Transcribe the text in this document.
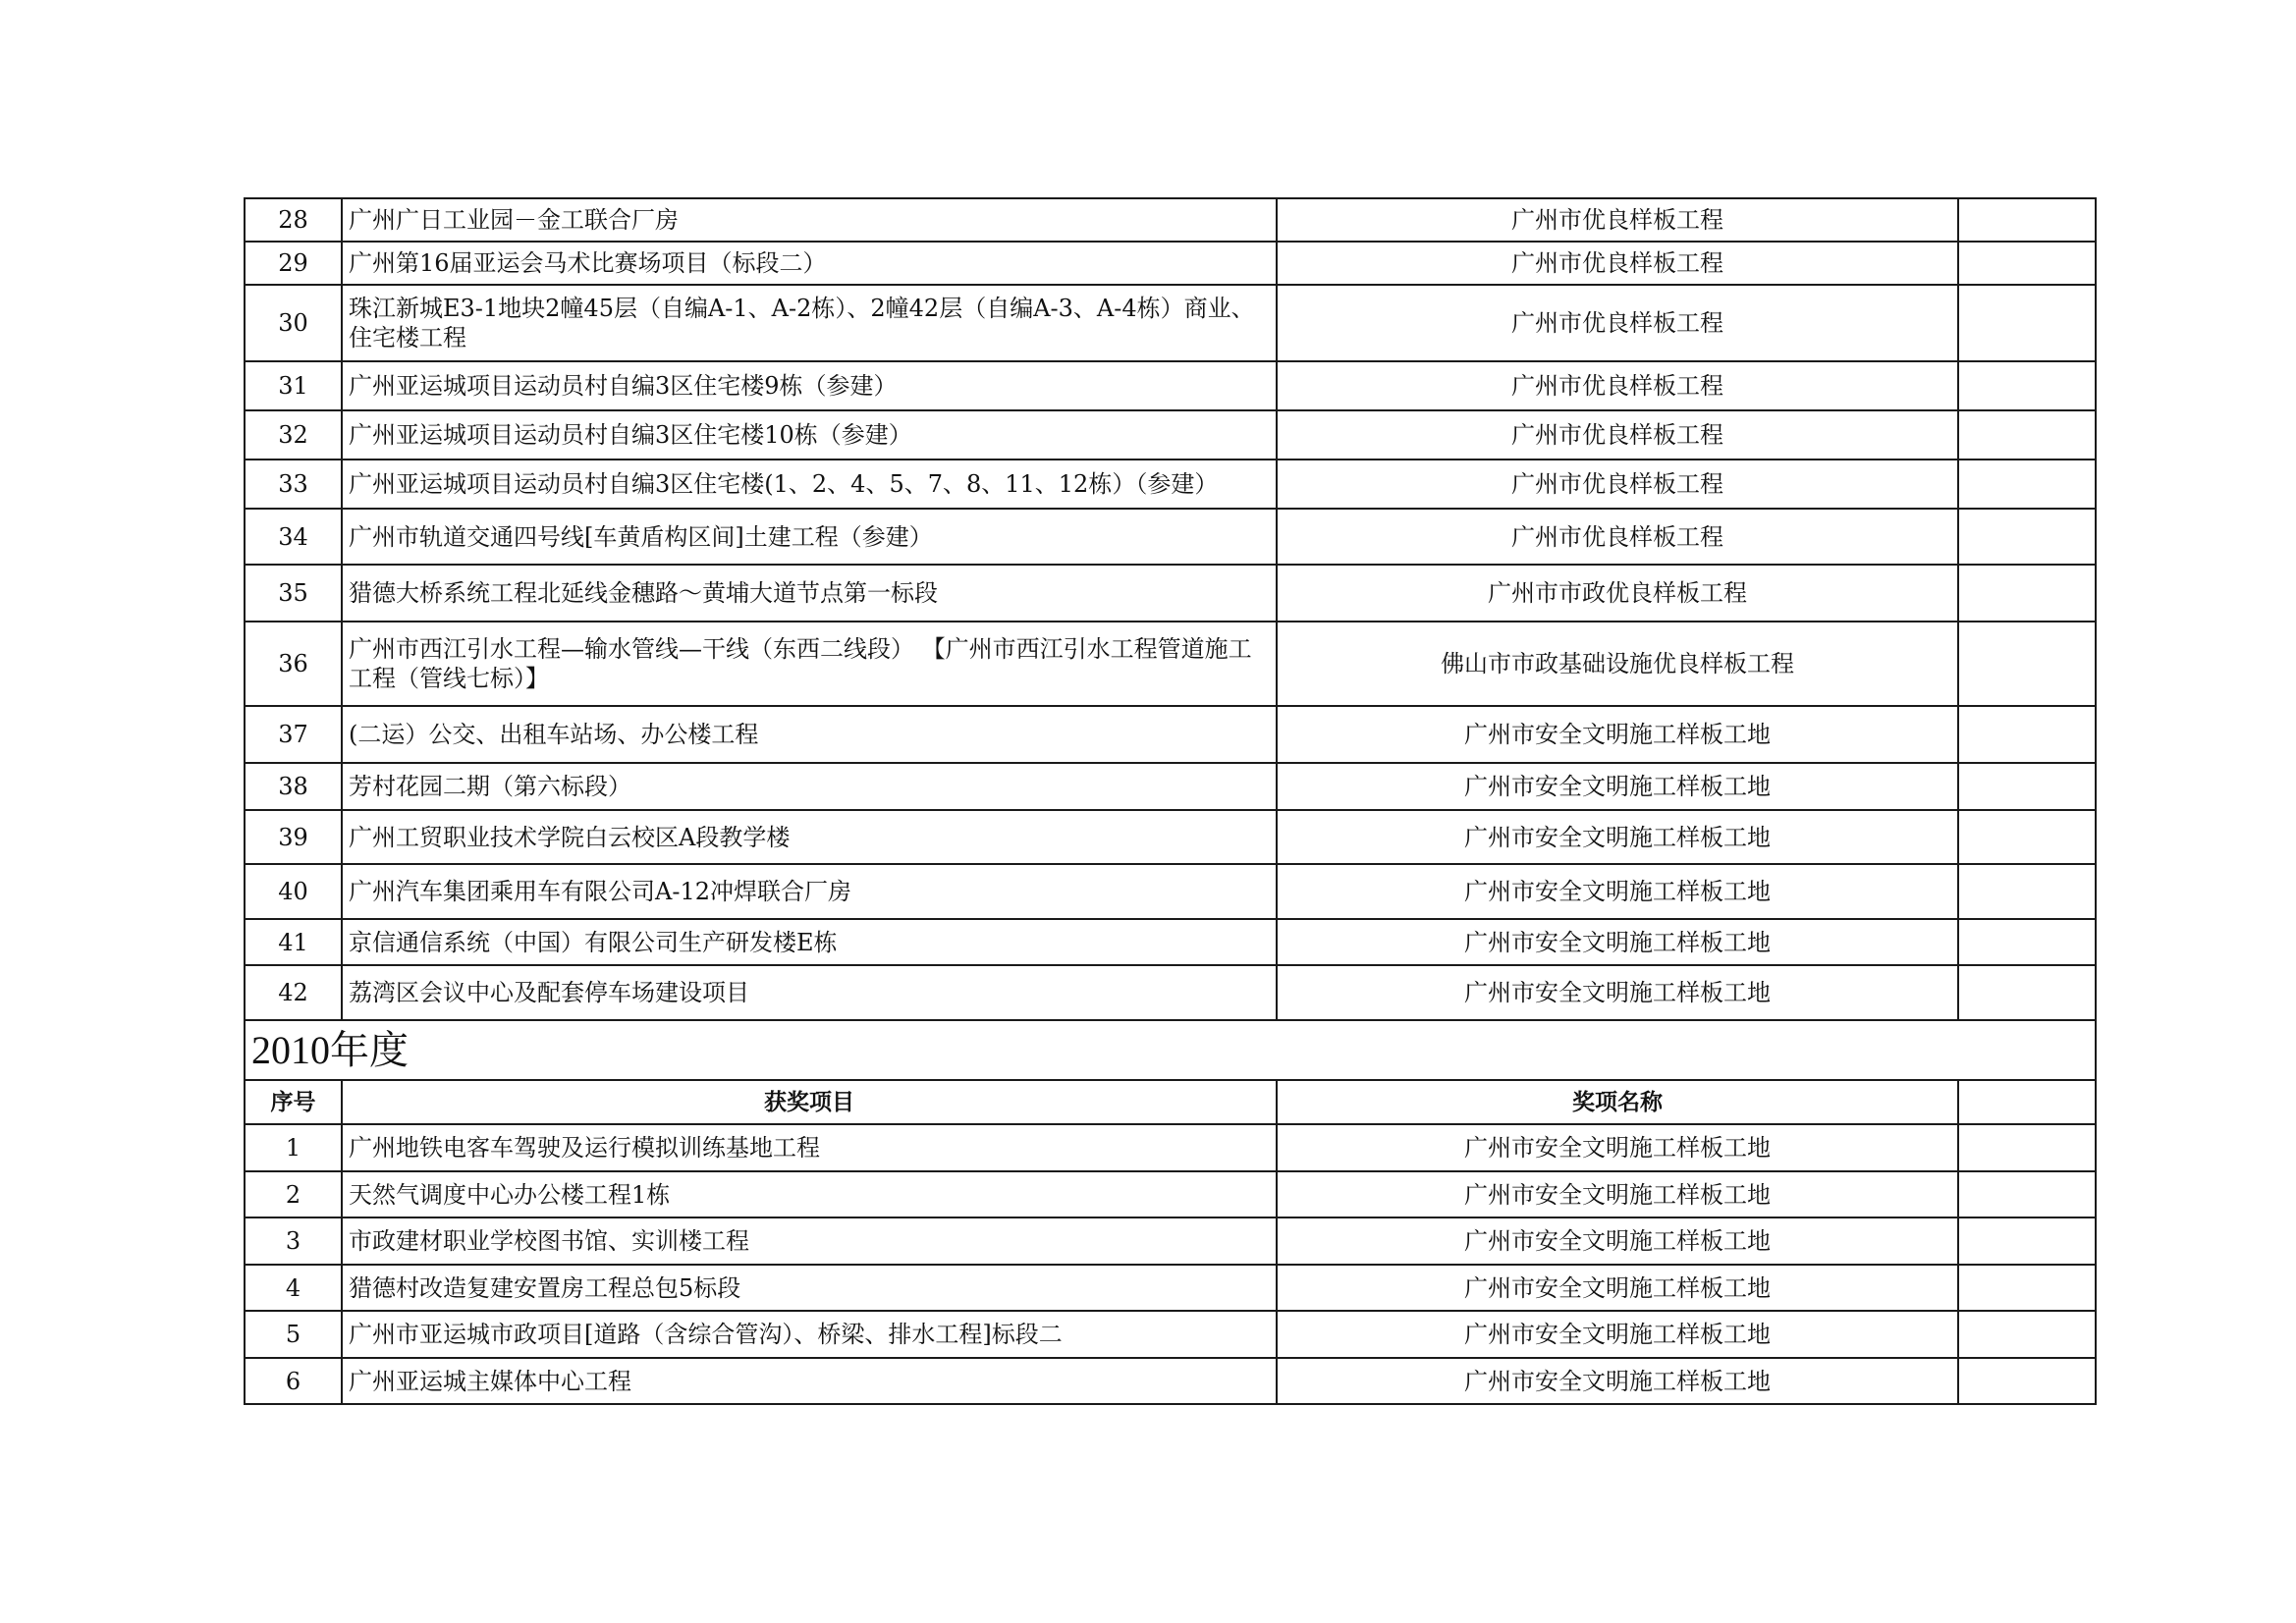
28	广州广日工业园－金工联合厂房	广州市优良样板工程	
29	广州第16届亚运会马术比赛场项目（标段二）	广州市优良样板工程	
30	珠江新城E3-1地块2幢45层（自编A-1、A-2栋）、2幢42层（自编A-3、A-4栋）商业、住宅楼工程	广州市优良样板工程	
31	广州亚运城项目运动员村自编3区住宅楼9栋（参建）	广州市优良样板工程	
32	广州亚运城项目运动员村自编3区住宅楼10栋（参建）	广州市优良样板工程	
33	广州亚运城项目运动员村自编3区住宅楼(1、2、4、5、7、8、11、12栋）（参建）	广州市优良样板工程	
34	广州市轨道交通四号线[车黄盾构区间]土建工程（参建）	广州市优良样板工程	
35	猎德大桥系统工程北延线金穗路～黄埔大道节点第一标段	广州市市政优良样板工程	
36	广州市西江引水工程—输水管线—干线（东西二线段） 【广州市西江引水工程管道施工工程（管线七标）】	佛山市市政基础设施优良样板工程	
37	(二运）公交、出租车站场、办公楼工程	广州市安全文明施工样板工地	
38	芳村花园二期（第六标段）	广州市安全文明施工样板工地	
39	广州工贸职业技术学院白云校区A段教学楼	广州市安全文明施工样板工地	
40	广州汽车集团乘用车有限公司A-12冲焊联合厂房	广州市安全文明施工样板工地	
41	京信通信系统（中国）有限公司生产研发楼E栋	广州市安全文明施工样板工地	
42	荔湾区会议中心及配套停车场建设项目	广州市安全文明施工样板工地	
2010年度			
序号	获奖项目	奖项名称	
1	广州地铁电客车驾驶及运行模拟训练基地工程	广州市安全文明施工样板工地	
2	天然气调度中心办公楼工程1栋	广州市安全文明施工样板工地	
3	市政建材职业学校图书馆、实训楼工程	广州市安全文明施工样板工地	
4	猎德村改造复建安置房工程总包5标段	广州市安全文明施工样板工地	
5	广州市亚运城市政项目[道路（含综合管沟）、桥梁、排水工程]标段二	广州市安全文明施工样板工地	
6	广州亚运城主媒体中心工程	广州市安全文明施工样板工地	
